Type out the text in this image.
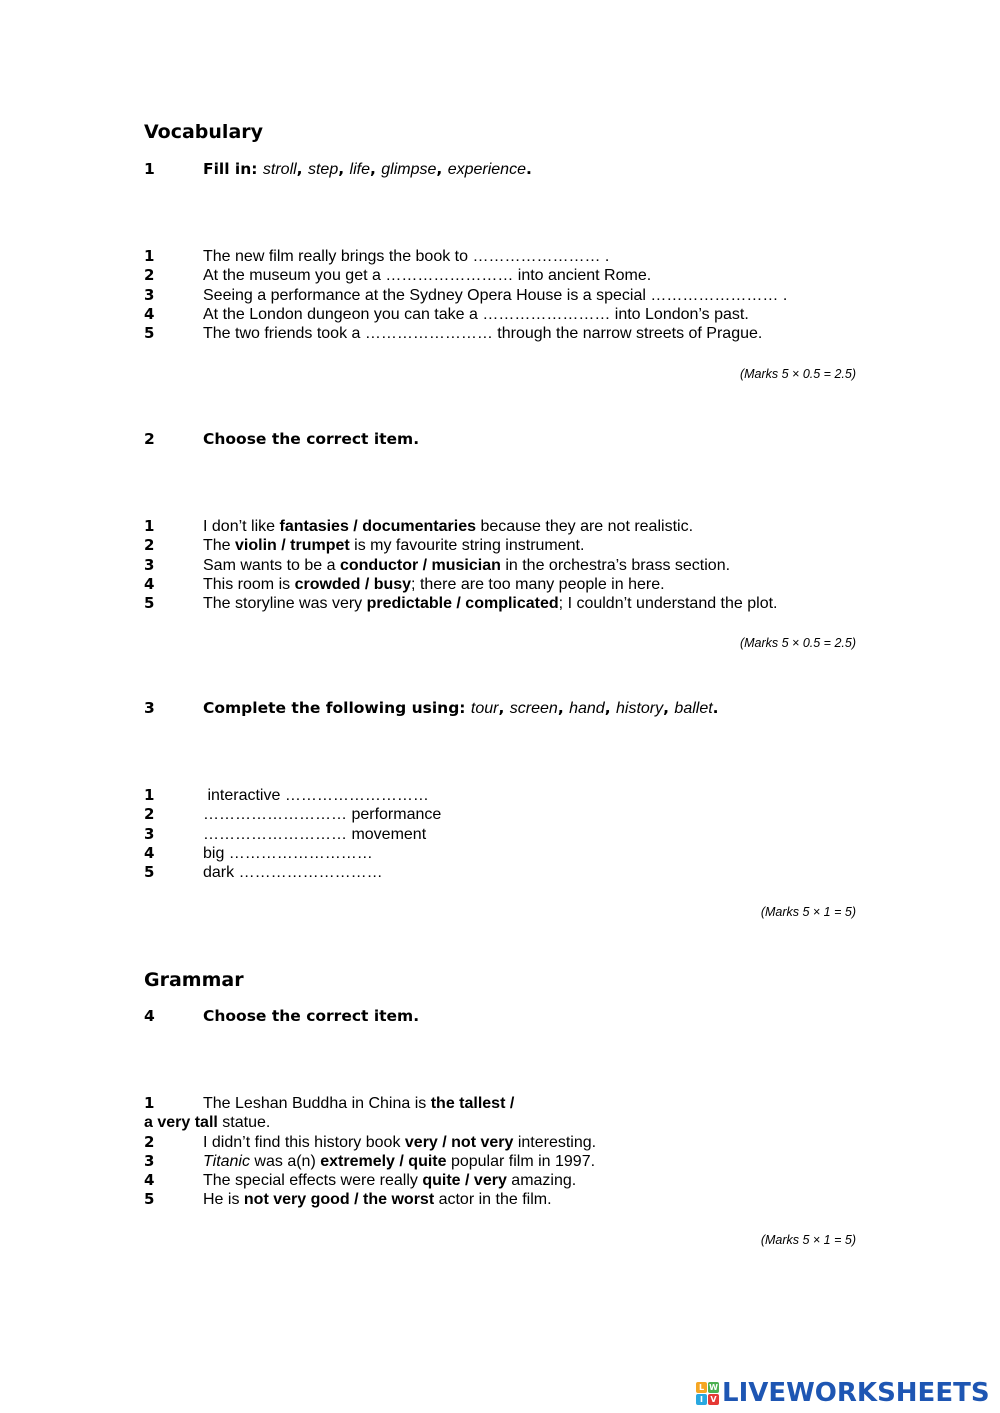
Vocabulary
1	Fill in: stroll, step, life, glimpse, experience.
1	The new film really brings the book to …………………… .
2	At the museum you get a …………………… into ancient Rome.
3	Seeing a performance at the Sydney Opera House is a special …………………… .
4	At the London dungeon you can take a …………………… into London’s past.
5	The two friends took a …………………… through the narrow streets of Prague.
(Marks 5 × 0.5 = 2.5)
2	Choose the correct item.
1	I don’t like fantasies / documentaries because they are not realistic.
2	The violin / trumpet is my favourite string instrument.
3	Sam wants to be a conductor / musician in the orchestra’s brass section.
4	This room is crowded / busy; there are too many people in here.
5	The storyline was very predictable / complicated; I couldn’t understand the plot.
(Marks 5 × 0.5 = 2.5)
3	Complete the following using: tour, screen, hand, history, ballet.
1	interactive ………………………
2	……………………… performance
3	……………………… movement
4	big ………………………
5	dark ………………………
(Marks 5 × 1 = 5)
Grammar
4	Choose the correct item.
1	The Leshan Buddha in China is the tallest /
a very tall statue.
2	I didn’t find this history book very / not very interesting.
3	Titanic was a(n) extremely / quite popular film in 1997.
4	The special effects were really quite / very amazing.
5	He is not very good / the worst actor in the film.
(Marks 5 × 1 = 5)
L W
I V LIVEWORKSHEETS
